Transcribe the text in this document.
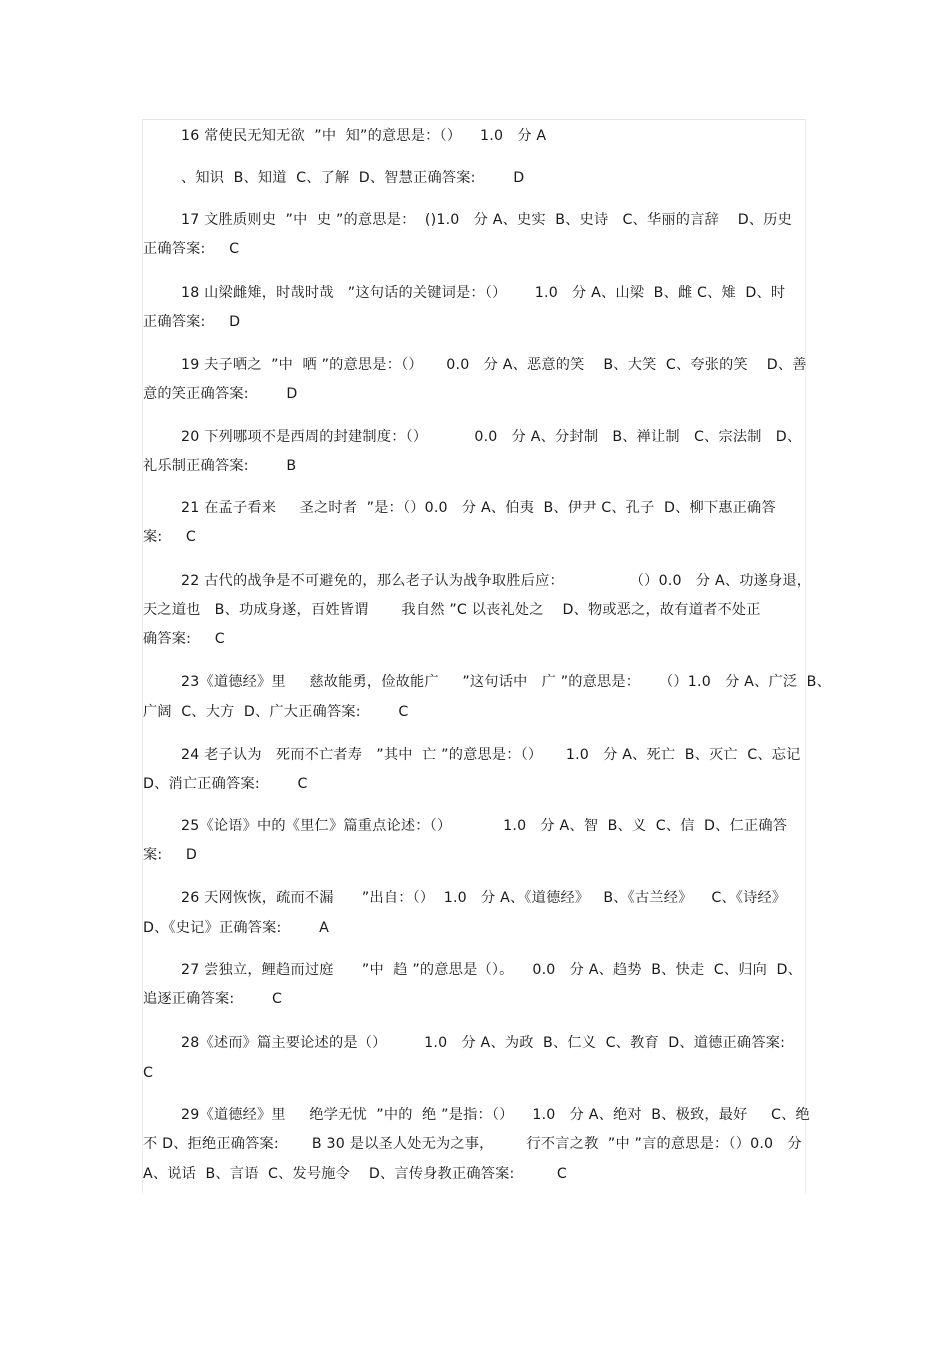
16 常使民无知无欲  ”中  知”的意思是：（）    1.0   分 A
、知识  B、知道  C、了解  D、智慧正确答案:        D
17 文胜质则史  ”中  史 ”的意思是：  ()1.0   分 A、史实  B、史诗   C、华丽的言辞    D、历史
正确答案:     C
18 山梁雌雉，时哉时哉   ”这句话的关键词是：（）      1.0   分 A、山梁  B、雌 C、雉  D、时
正确答案:     D
19 夫子哂之  ”中  哂 ”的意思是：（）     0.0   分 A、恶意的笑    B、大笑  C、夸张的笑    D、善
意的笑正确答案:        D
20 下列哪项不是西周的封建制度：（）          0.0   分 A、分封制   B、禅让制   C、宗法制   D、
礼乐制正确答案:        B
21 在孟子看来     圣之时者  ”是：（）0.0   分 A、伯夷  B、伊尹 C、孔子  D、柳下惠正确答
案:     C
22 古代的战争是不可避免的，那么老子认为战争取胜后应：              （）0.0   分 A、功遂身退，
天之道也   B、功成身遂，百姓皆谓       我自然 ”C 以丧礼处之    D、物或恶之，故有道者不处正
确答案:     C
23《道德经》里     慈故能勇，俭故能广     ”这句话中   广 ”的意思是：    （）1.0   分 A、广泛  B、
广阔  C、大方  D、广大正确答案:        C
24 老子认为   死而不亡者寿   ”其中  亡 ”的意思是：（）     1.0   分 A、死亡  B、灭亡  C、忘记
D、消亡正确答案:        C
25《论语》中的《里仁》篇重点论述：（）           1.0   分 A、智  B、义  C、信  D、仁正确答
案:     D
26 天网恢恢，疏而不漏      ”出自：（）  1.0   分 A、《道德经》   B、《古兰经》    C、《诗经》
D、《史记》正确答案:        A
27 尝独立，鲤趋而过庭      ”中  趋 ”的意思是（）。    0.0   分 A、趋势  B、快走  C、归向  D、
追逐正确答案:        C
28《述而》篇主要论述的是（）        1.0   分 A、为政  B、仁义  C、教育  D、道德正确答案:
C
29《道德经》里     绝学无忧  ”中的  绝 ”是指：（）    1.0   分 A、绝对  B、极致，最好     C、绝
不 D、拒绝正确答案:       B 30 是以圣人处无为之事，       行不言之教  ”中 ”言的意思是：（）0.0   分
A、说话  B、言语  C、发号施令    D、言传身教正确答案:         C
